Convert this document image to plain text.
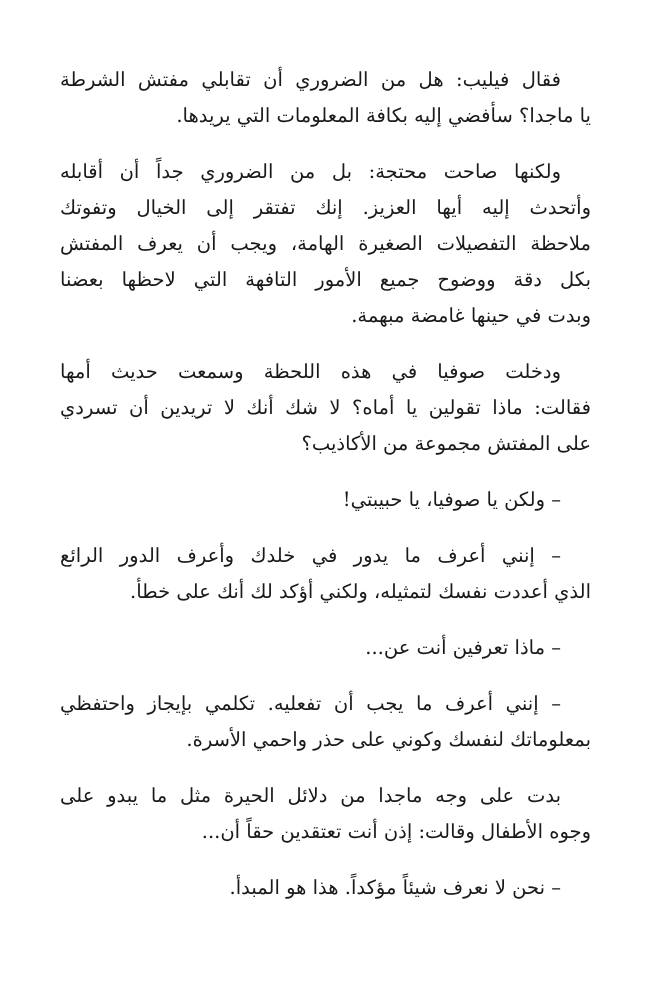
فقال فيليب: هل من الضروري أن تقابلي مفتش الشرطة
يا ماجدا؟ سأفضي إليه بكافة المعلومات التي يريدها.
ولكنها صاحت محتجة: بل من الضروري جداً أن أقابله
وأتحدث إليه أيها العزيز. إنك تفتقر إلى الخيال وتفوتك
ملاحظة التفصيلات الصغيرة الهامة، ويجب أن يعرف المفتش
بكل دقة ووضوح جميع الأمور التافهة التي لاحظها بعضنا
وبدت في حينها غامضة مبهمة.
ودخلت صوفيا في هذه اللحظة وسمعت حديث أمها
فقالت: ماذا تقولين يا أماه؟ لا شك أنك لا تريدين أن تسردي
على المفتش مجموعة من الأكاذيب؟
– ولكن يا صوفيا، يا حبيبتي!
– إنني أعرف ما يدور في خلدك وأعرف الدور الرائع
الذي أعددت نفسك لتمثيله، ولكني أؤكد لك أنك على خطأ.
– ماذا تعرفين أنت عن...
– إنني أعرف ما يجب أن تفعليه. تكلمي بإيجاز واحتفظي
بمعلوماتك لنفسك وكوني على حذر واحمي الأسرة.
بدت على وجه ماجدا من دلائل الحيرة مثل ما يبدو على
وجوه الأطفال وقالت: إذن أنت تعتقدين حقاً أن...
– نحن لا نعرف شيئاً مؤكداً. هذا هو المبدأ.
